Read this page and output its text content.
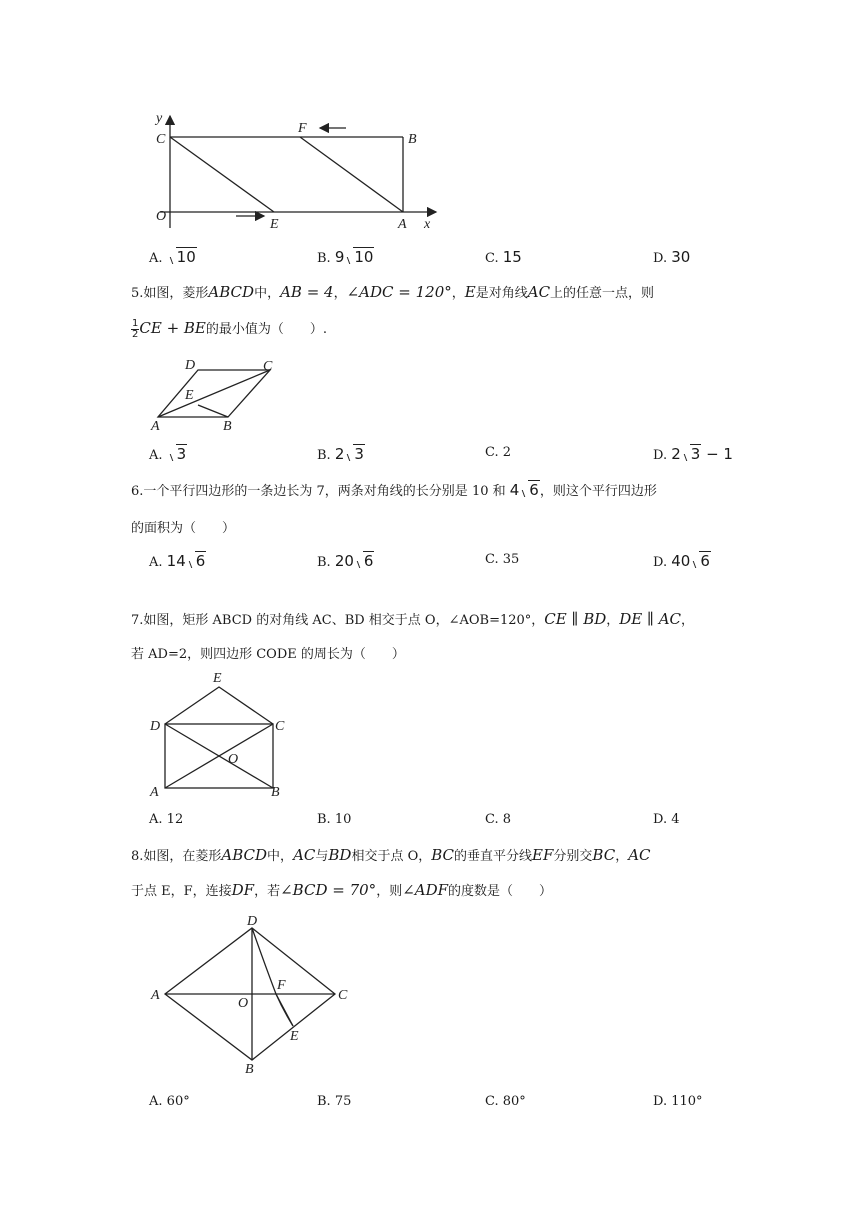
y
C
F
B
O
E	A x
A. 10	B. 9 10	C. 15	D. 30
5.如图，菱形ABCD中，AB = 4，∠ADC = 120°，E是对角线AC上的任意一点，则
$\frac{1}{2}CE$ + BE的最小值为（　　）.
D	C
E
A	B
A. 3	B. 2 3	C. 2	D. 2 3 − 1
6.一个平行四边形的一条边长为 7，两条对角线的长分别是 10 和 4 6，则这个平行四边形
的面积为（　　）
A. 14 6	B. 20 6	C. 35	D. 40 6
7.如图，矩形 ABCD 的对角线 AC、BD 相交于点 O，∠AOB=120°，CE ∥ BD，DE ∥ AC，
若 AD=2，则四边形 CODE 的周长为（　　）
E
D	C
O
A	B
A. 12	B. 10	C. 8	D. 4
8.如图，在菱形ABCD中，AC与BD相交于点 O，BC的垂直平分线EF分别交BC，AC
于点 E，F，连接DF，若∠BCD = 70°，则∠ADF的度数是（　　）
D
A
O
F
C
E
B
A. 60°	B. 75	C. 80°	D. 110°
